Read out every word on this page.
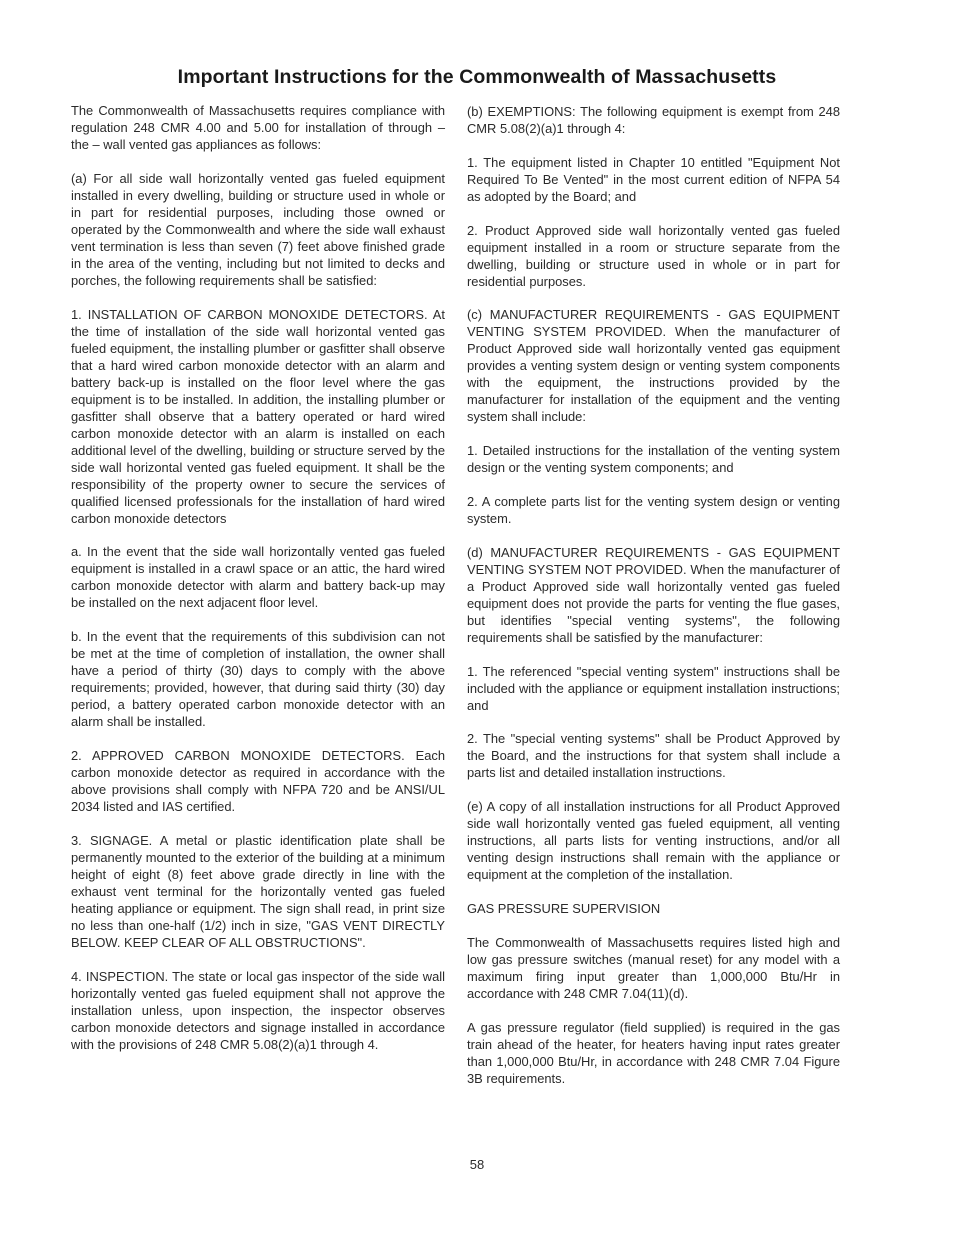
Important Instructions for the Commonwealth of Massachusetts

The Commonwealth of Massachusetts requires compliance with regulation 248 CMR 4.00 and 5.00 for installation of through – the – wall vented gas appliances as follows:

(a) For all side wall horizontally vented gas fueled equipment installed in every dwelling, building or structure used in whole or in part for residential purposes, including those owned or operated by the Commonwealth and where the side wall exhaust vent termination is less than seven (7) feet above finished grade in the area of the venting, including but not limited to decks and porches, the following requirements shall be satisfied:

1. INSTALLATION OF CARBON MONOXIDE DETECTORS. At the time of installation of the side wall horizontal vented gas fueled equipment, the installing plumber or gasfitter shall observe that a hard wired carbon monoxide detector with an alarm and battery back-up is installed on the floor level where the gas equipment is to be installed. In addition, the installing plumber or gasfitter shall observe that a battery operated or hard wired carbon monoxide detector with an alarm is installed on each additional level of the dwelling, building or structure served by the side wall horizontal vented gas fueled equipment. It shall be the responsibility of the property owner to secure the services of qualified licensed professionals for the installation of hard wired carbon monoxide detectors

a. In the event that the side wall horizontally vented gas fueled equipment is installed in a crawl space or an attic, the hard wired carbon monoxide detector with alarm and battery back-up may be installed on the next adjacent floor level.

b. In the event that the requirements of this subdivision can not be met at the time of completion of installation, the owner shall have a period of thirty (30) days to comply with the above requirements; provided, however, that during said thirty (30) day period, a battery operated carbon monoxide detector with an alarm shall be installed.

2. APPROVED CARBON MONOXIDE DETECTORS. Each carbon monoxide detector as required in accordance with the above provisions shall comply with NFPA 720 and be ANSI/UL 2034 listed and IAS certified.

3. SIGNAGE. A metal or plastic identification plate shall be permanently mounted to the exterior of the building at a minimum height of eight (8) feet above grade directly in line with the exhaust vent terminal for the horizontally vented gas fueled heating appliance or equipment. The sign shall read, in print size no less than one-half (1/2) inch in size, "GAS VENT DIRECTLY BELOW. KEEP CLEAR OF ALL OBSTRUCTIONS".

4. INSPECTION. The state or local gas inspector of the side wall horizontally vented gas fueled equipment shall not approve the installation unless, upon inspection, the inspector observes carbon monoxide detectors and signage installed in accordance with the provisions of 248 CMR 5.08(2)(a)1 through 4.

(b) EXEMPTIONS: The following equipment is exempt from 248 CMR 5.08(2)(a)1 through 4:

1. The equipment listed in Chapter 10 entitled "Equipment Not Required To Be Vented" in the most current edition of NFPA 54 as adopted by the Board; and

2. Product Approved side wall horizontally vented gas fueled equipment installed in a room or structure separate from the dwelling, building or structure used in whole or in part for residential purposes.

(c) MANUFACTURER REQUIREMENTS - GAS EQUIPMENT VENTING SYSTEM PROVIDED. When the manufacturer of Product Approved side wall horizontally vented gas equipment provides a venting system design or venting system components with the equipment, the instructions provided by the manufacturer for installation of the equipment and the venting system shall include:

1. Detailed instructions for the installation of the venting system design or the venting system components; and

2. A complete parts list for the venting system design or venting system.

(d) MANUFACTURER REQUIREMENTS - GAS EQUIPMENT VENTING SYSTEM NOT PROVIDED. When the manufacturer of a Product Approved side wall horizontally vented gas fueled equipment does not provide the parts for venting the flue gases, but identifies "special venting systems", the following requirements shall be satisfied by the manufacturer:

1. The referenced "special venting system" instructions shall be included with the appliance or equipment installation instructions; and

2. The "special venting systems" shall be Product Approved by the Board, and the instructions for that system shall include a parts list and detailed installation instructions.

(e) A copy of all installation instructions for all Product Approved side wall horizontally vented gas fueled equipment, all venting instructions, all parts lists for venting instructions, and/or all venting design instructions shall remain with the appliance or equipment at the completion of the installation.

GAS PRESSURE SUPERVISION

The Commonwealth of Massachusetts requires listed high and low gas pressure switches (manual reset) for any model with a maximum firing input greater than 1,000,000 Btu/Hr in accordance with 248 CMR 7.04(11)(d).

A gas pressure regulator (field supplied) is required in the gas train ahead of the heater, for heaters having input rates greater than 1,000,000 Btu/Hr, in accordance with 248 CMR 7.04 Figure 3B requirements.

58
